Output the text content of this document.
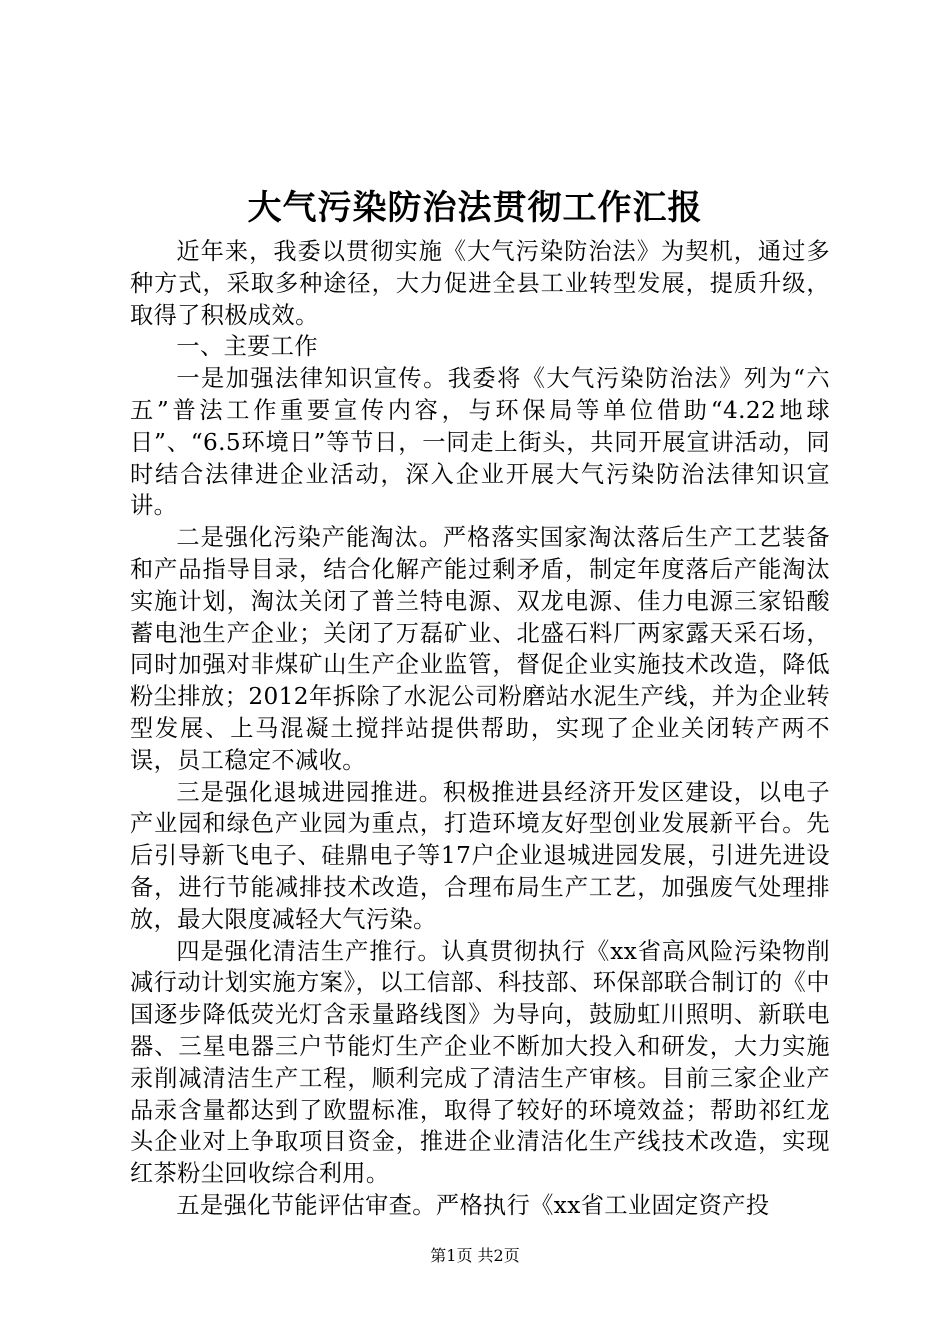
大气污染防治法贯彻工作汇报

近年来，我委以贯彻实施《大气污染防治法》为契机，通过多种方式，采取多种途径，大力促进全县工业转型发展，提质升级，取得了积极成效。

一、主要工作

一是加强法律知识宣传。我委将《大气污染防治法》列为“六五”普法工作重要宣传内容，与环保局等单位借助“4.22地球日”、“6.5环境日”等节日，一同走上街头，共同开展宣讲活动，同时结合法律进企业活动，深入企业开展大气污染防治法律知识宣讲。

二是强化污染产能淘汰。严格落实国家淘汰落后生产工艺装备和产品指导目录，结合化解产能过剩矛盾，制定年度落后产能淘汰实施计划，淘汰关闭了普兰特电源、双龙电源、佳力电源三家铅酸蓄电池生产企业；关闭了万磊矿业、北盛石料厂两家露天采石场，同时加强对非煤矿山生产企业监管，督促企业实施技术改造，降低粉尘排放；2012年拆除了水泥公司粉磨站水泥生产线，并为企业转型发展、上马混凝土搅拌站提供帮助，实现了企业关闭转产两不误，员工稳定不减收。

三是强化退城进园推进。积极推进县经济开发区建设，以电子产业园和绿色产业园为重点，打造环境友好型创业发展新平台。先后引导新飞电子、硅鼎电子等17户企业退城进园发展，引进先进设备，进行节能减排技术改造，合理布局生产工艺，加强废气处理排放，最大限度减轻大气污染。

四是强化清洁生产推行。认真贯彻执行《xx省高风险污染物削减行动计划实施方案》，以工信部、科技部、环保部联合制订的《中国逐步降低荧光灯含汞量路线图》为导向，鼓励虹川照明、新联电器、三星电器三户节能灯生产企业不断加大投入和研发，大力实施汞削减清洁生产工程，顺利完成了清洁生产审核。目前三家企业产品汞含量都达到了欧盟标准，取得了较好的环境效益；帮助祁红龙头企业对上争取项目资金，推进企业清洁化生产线技术改造，实现红茶粉尘回收综合利用。

五是强化节能评估审查。严格执行《xx省工业固定资产投

第1页 共2页
